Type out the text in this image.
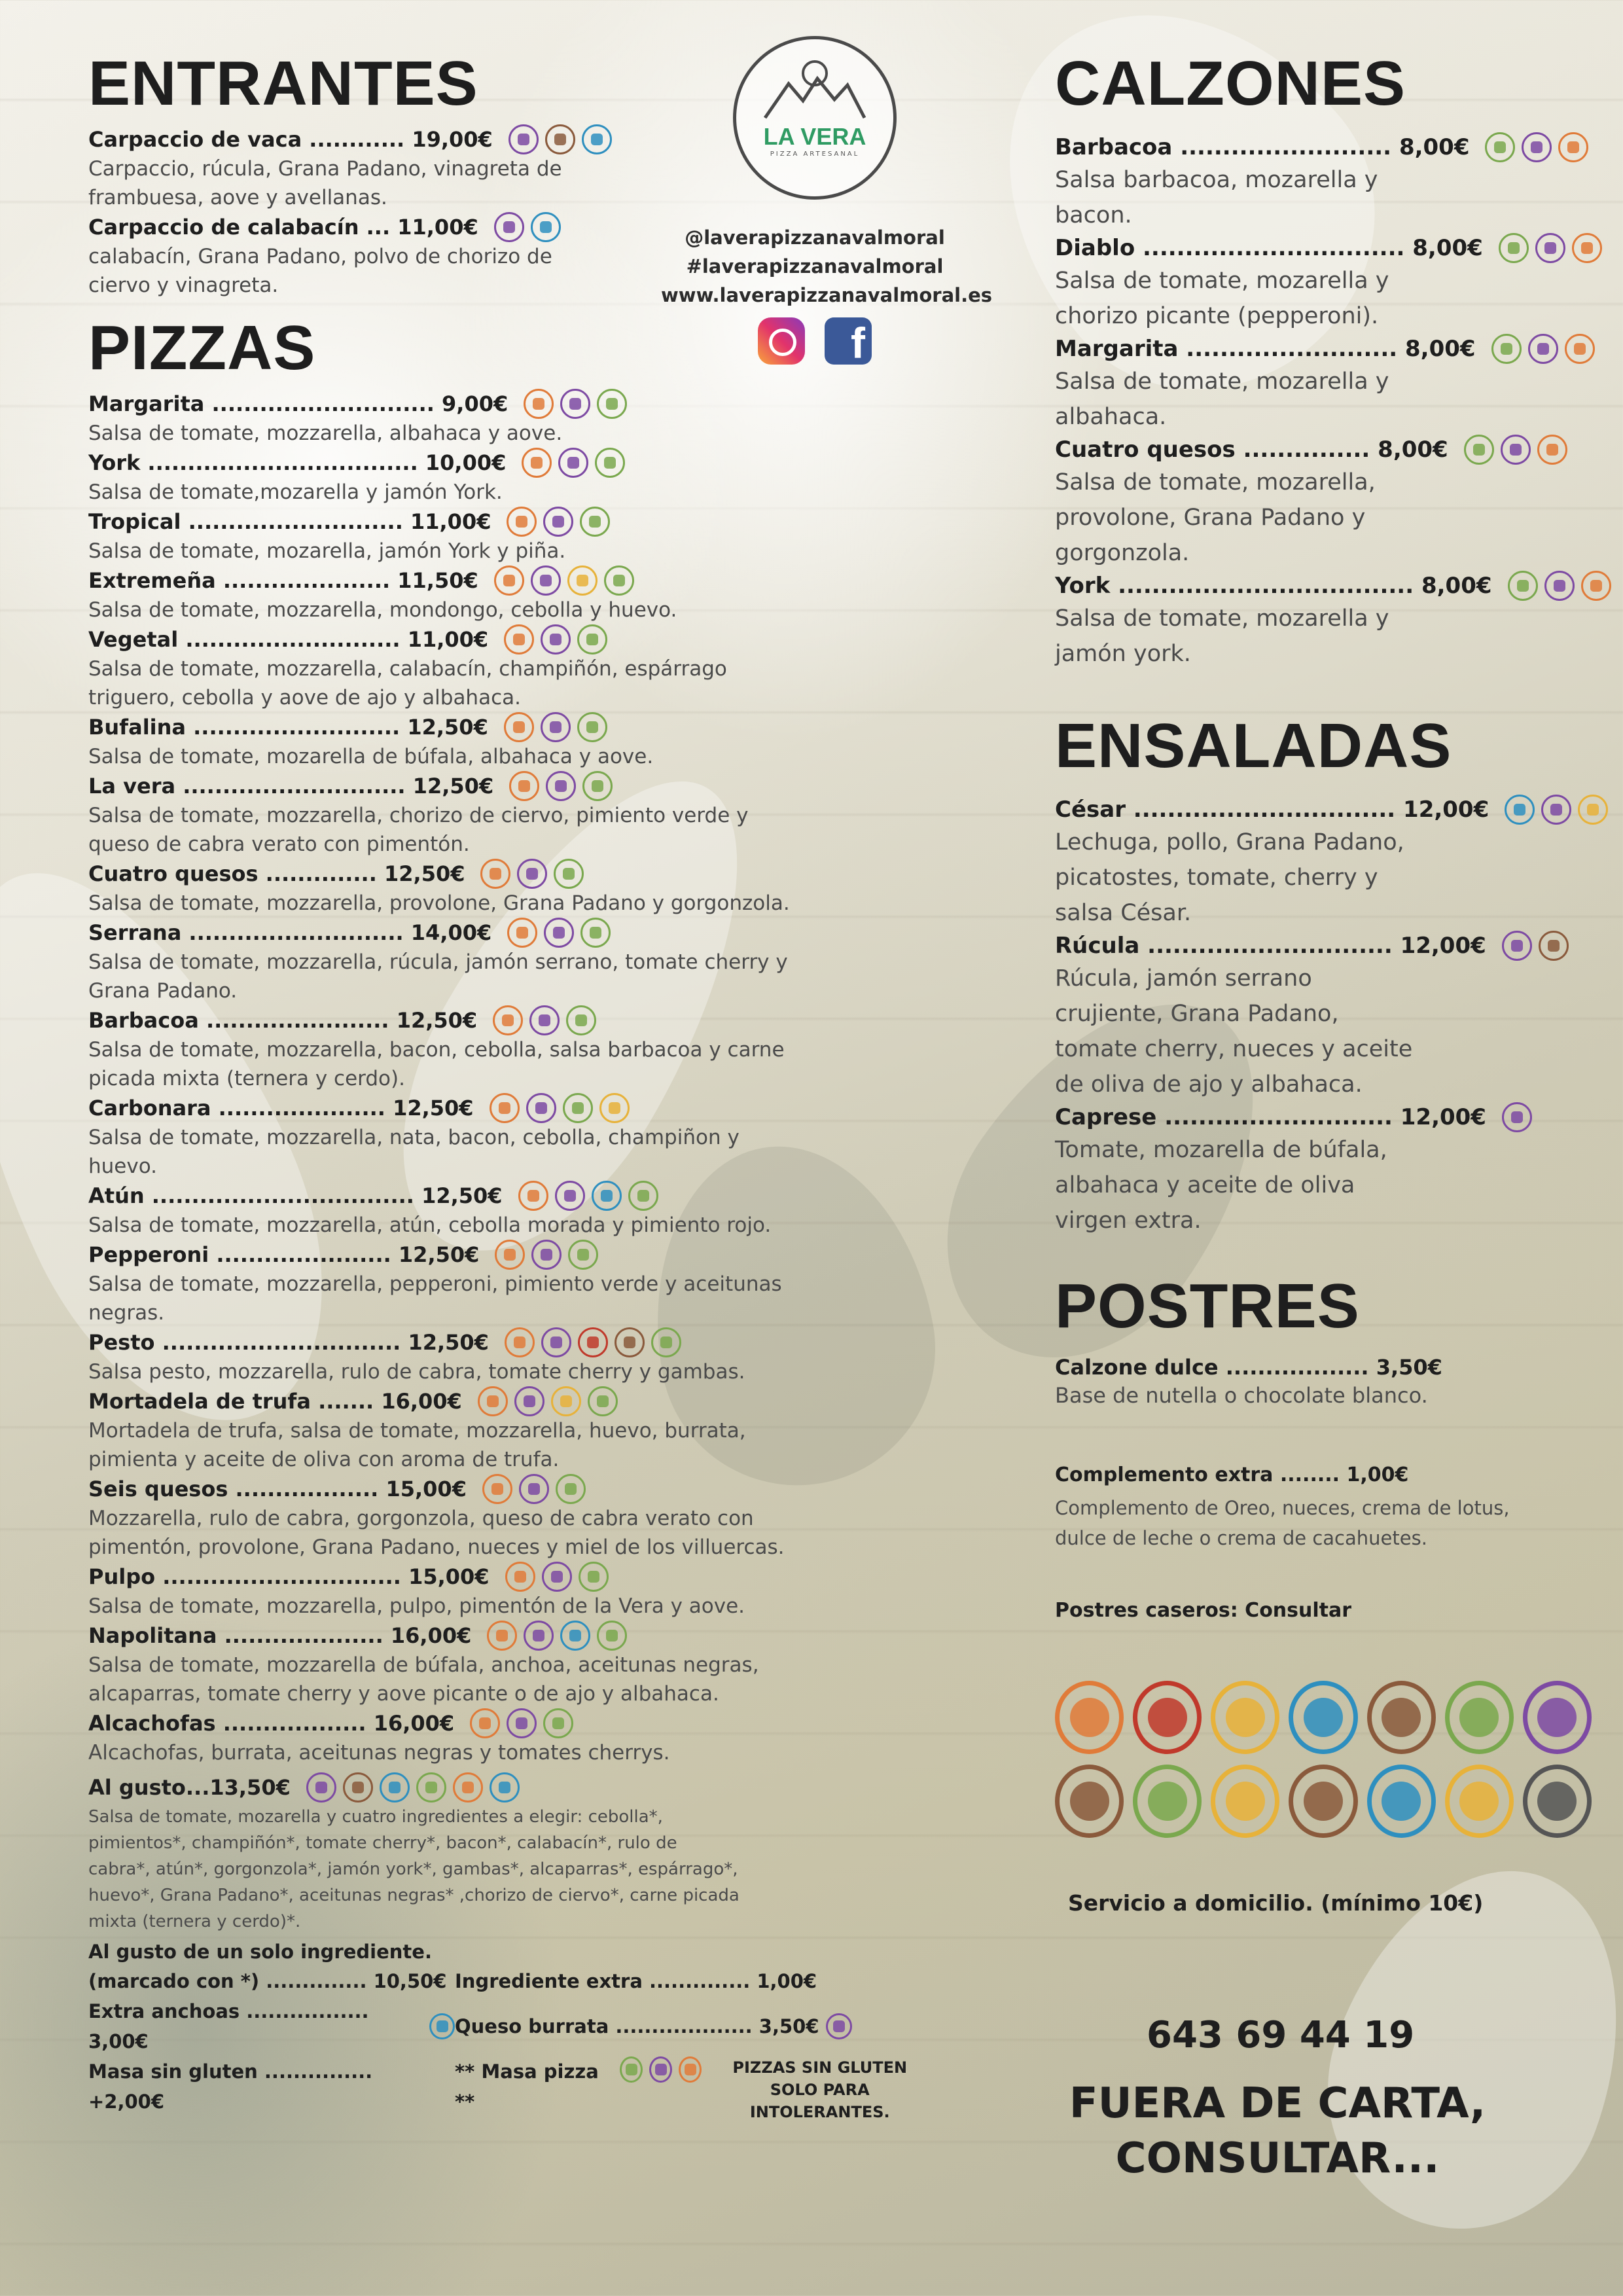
ENTRANTES
Carpaccio de vaca ............ 19,00€
Carpaccio, rúcula, Grana Padano, vinagreta de frambuesa, aove y avellanas.
Carpaccio de calabacín ... 11,00€
calabacín, Grana Padano, polvo de chorizo de ciervo y vinagreta.
PIZZAS
Margarita ............................ 9,00€
Salsa de tomate, mozzarella, albahaca y aove.
York .................................. 10,00€
Salsa de tomate,mozarella y jamón York.
Tropical ........................... 11,00€
Salsa de tomate, mozarella, jamón York y piña.
Extremeña ..................... 11,50€
Salsa de tomate, mozzarella, mondongo, cebolla y huevo.
Vegetal ........................... 11,00€
Salsa de tomate, mozzarella, calabacín, champiñón, espárrago triguero, cebolla y aove de ajo y albahaca.
Bufalina .......................... 12,50€
Salsa de tomate, mozarella de búfala, albahaca y aove.
La vera ............................ 12,50€
Salsa de tomate, mozzarella, chorizo de ciervo, pimiento verde y queso de cabra verato con pimentón.
Cuatro quesos .............. 12,50€
Salsa de tomate, mozzarella, provolone, Grana Padano y gorgonzola.
Serrana ........................... 14,00€
Salsa de tomate, mozzarella, rúcula, jamón serrano, tomate cherry y Grana Padano.
Barbacoa ....................... 12,50€
Salsa de tomate, mozzarella, bacon, cebolla, salsa barbacoa y carne picada mixta (ternera y cerdo).
Carbonara ..................... 12,50€
Salsa de tomate, mozzarella, nata, bacon, cebolla, champiñon y huevo.
Atún ................................. 12,50€
Salsa de tomate, mozzarella, atún, cebolla morada y pimiento rojo.
Pepperoni ...................... 12,50€
Salsa de tomate, mozzarella, pepperoni, pimiento verde y aceitunas negras.
Pesto .............................. 12,50€
Salsa pesto, mozzarella, rulo de cabra, tomate cherry y gambas.
Mortadela de trufa ....... 16,00€
Mortadela de trufa, salsa de tomate, mozzarella, huevo, burrata, pimienta y aceite de oliva con aroma de trufa.
Seis quesos .................. 15,00€
Mozzarella, rulo de cabra, gorgonzola, queso de cabra verato con pimentón, provolone, Grana Padano, nueces y miel de los villuercas.
Pulpo .............................. 15,00€
Salsa de tomate, mozzarella, pulpo, pimentón de la Vera y aove.
Napolitana .................... 16,00€
Salsa de tomate, mozzarella de búfala, anchoa, aceitunas negras, alcaparras, tomate cherry y aove picante o de ajo y albahaca.
Alcachofas .................. 16,00€
Alcachofas, burrata, aceitunas negras y tomates cherrys.
Al gusto...13,50€
Salsa de tomate, mozarella y cuatro ingredientes a elegir: cebolla*, pimientos*, champiñón*, tomate cherry*, bacon*, calabacín*, rulo de cabra*, atún*, gorgonzola*, jamón york*, gambas*, alcaparras*, espárrago*, huevo*, Grana Padano*, aceitunas negras* ,chorizo de ciervo*, carne picada mixta (ternera y cerdo)*.
Al gusto de un solo ingrediente.
(marcado con *) .............. 10,50€ Ingrediente extra .............. 1,00€
Extra anchoas ................. 3,00€
Queso burrata ................... 3,50€
Masa sin gluten ............... +2,00€
** Masa pizza **
PIZZAS SIN GLUTEN SOLO PARA INTOLERANTES.
LA VERA
PIZZA ARTESANAL
@laverapizzanavalmoral
#laverapizzanavalmoral
www.laverapizzanavalmoral.es
f
CALZONES
Barbacoa ......................... 8,00€
Salsa barbacoa, mozarella y bacon.
Diablo ............................... 8,00€
Salsa de tomate, mozarella y chorizo picante (pepperoni).
Margarita ......................... 8,00€
Salsa de tomate, mozarella y albahaca.
Cuatro quesos ............... 8,00€
Salsa de tomate, mozarella, provolone, Grana Padano y gorgonzola.
York ................................... 8,00€
Salsa de tomate, mozarella y jamón york.
ENSALADAS
César ............................... 12,00€
Lechuga, pollo, Grana Padano, picatostes, tomate, cherry y salsa César.
Rúcula ............................. 12,00€
Rúcula, jamón serrano crujiente, Grana Padano, tomate cherry, nueces y aceite de oliva de ajo y albahaca.
Caprese ........................... 12,00€
Tomate, mozarella de búfala, albahaca y aceite de oliva virgen extra.
POSTRES
Calzone dulce .................. 3,50€
Base de nutella o chocolate blanco.
Complemento extra ........ 1,00€
Complemento de Oreo, nueces, crema de lotus, dulce de leche o crema de cacahuetes.
Postres caseros: Consultar
Servicio a domicilio. (mínimo 10€)
643 69 44 19
FUERA DE CARTA,
CONSULTAR...
